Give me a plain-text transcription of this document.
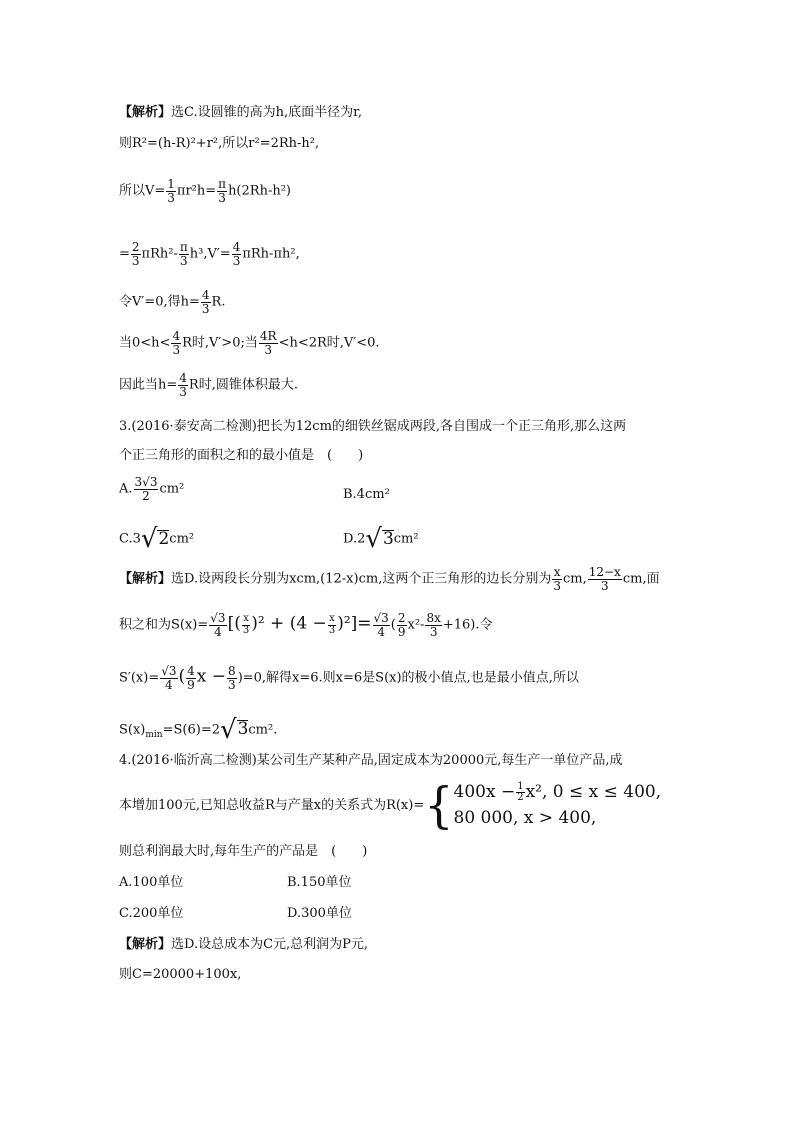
【解析】选C.设圆锥的高为h,底面半径为r,
则R²=(h-R)²+r²,所以r²=2Rh-h²,
所以$V= \frac{1}{3} \pi r^2h= \frac{\pi}{3} h(2Rh-h^2)$
= $\frac{2}{3} \pi Rh^2- \frac{\pi}{3} h^3,V'= \frac{4}{3} \pi Rh-\pi h^2$,
令V′=0,得$h= \frac{4}{3} R$.
当$0<h< \frac{4}{3}$ R时,V′>0;当 $\frac{4R}{3} <h<2R$时,V′<0.
因此当$h= \frac{4}{3}$ R时,圆锥体积最大.
3.(2016·泰安高二检测)把长为12cm的细铁丝锯成两段,各自围成一个正三角形,那么这两
个正三角形的面积之和的最小值是　(　　)
A. $\frac{3√3}{2} cm^2$	B.4cm²
C.3√2cm²	D.2√3cm²
【解析】选D.设两段长分别为xcm,(12-x)cm,这两个正三角形的边长分别为 $\frac{x}{3}$ cm, $\frac{12-x}{3}$ cm,面
积之和为$S(x)= \frac{√3}{4}$ [( $\frac{x}{3} )^2 + (4 - \frac{x}{3} )^2]= \frac{√3}{4}$ ( $\frac{2}{9} x^2- \frac{8x}{3} +16$).令
$S'(x)= \frac{√3}{4}$ ( $\frac{4}{9}$ $x - \frac{8}{3} )=0$,解得x=6.则x=6是S(x)的极小值点,也是最小值点,所以
$S(x)_{min}=S(6)=2√3cm^2$.
4.(2016·临沂高二检测)某公司生产某种产品,固定成本为20000元,每生产一单位产品,成
本增加100元,已知总收益R与产量x的关系式为R(x)={ $400x - \frac{1}{2} x^2$, 0 ≤ x ≤ 400,
80 000, x > 400,
则总利润最大时,每年生产的产品是　(　　)
A.100单位	B.150单位
C.200单位	D.300单位
【解析】选D.设总成本为C元,总利润为P元,
则C=20000+100x,
